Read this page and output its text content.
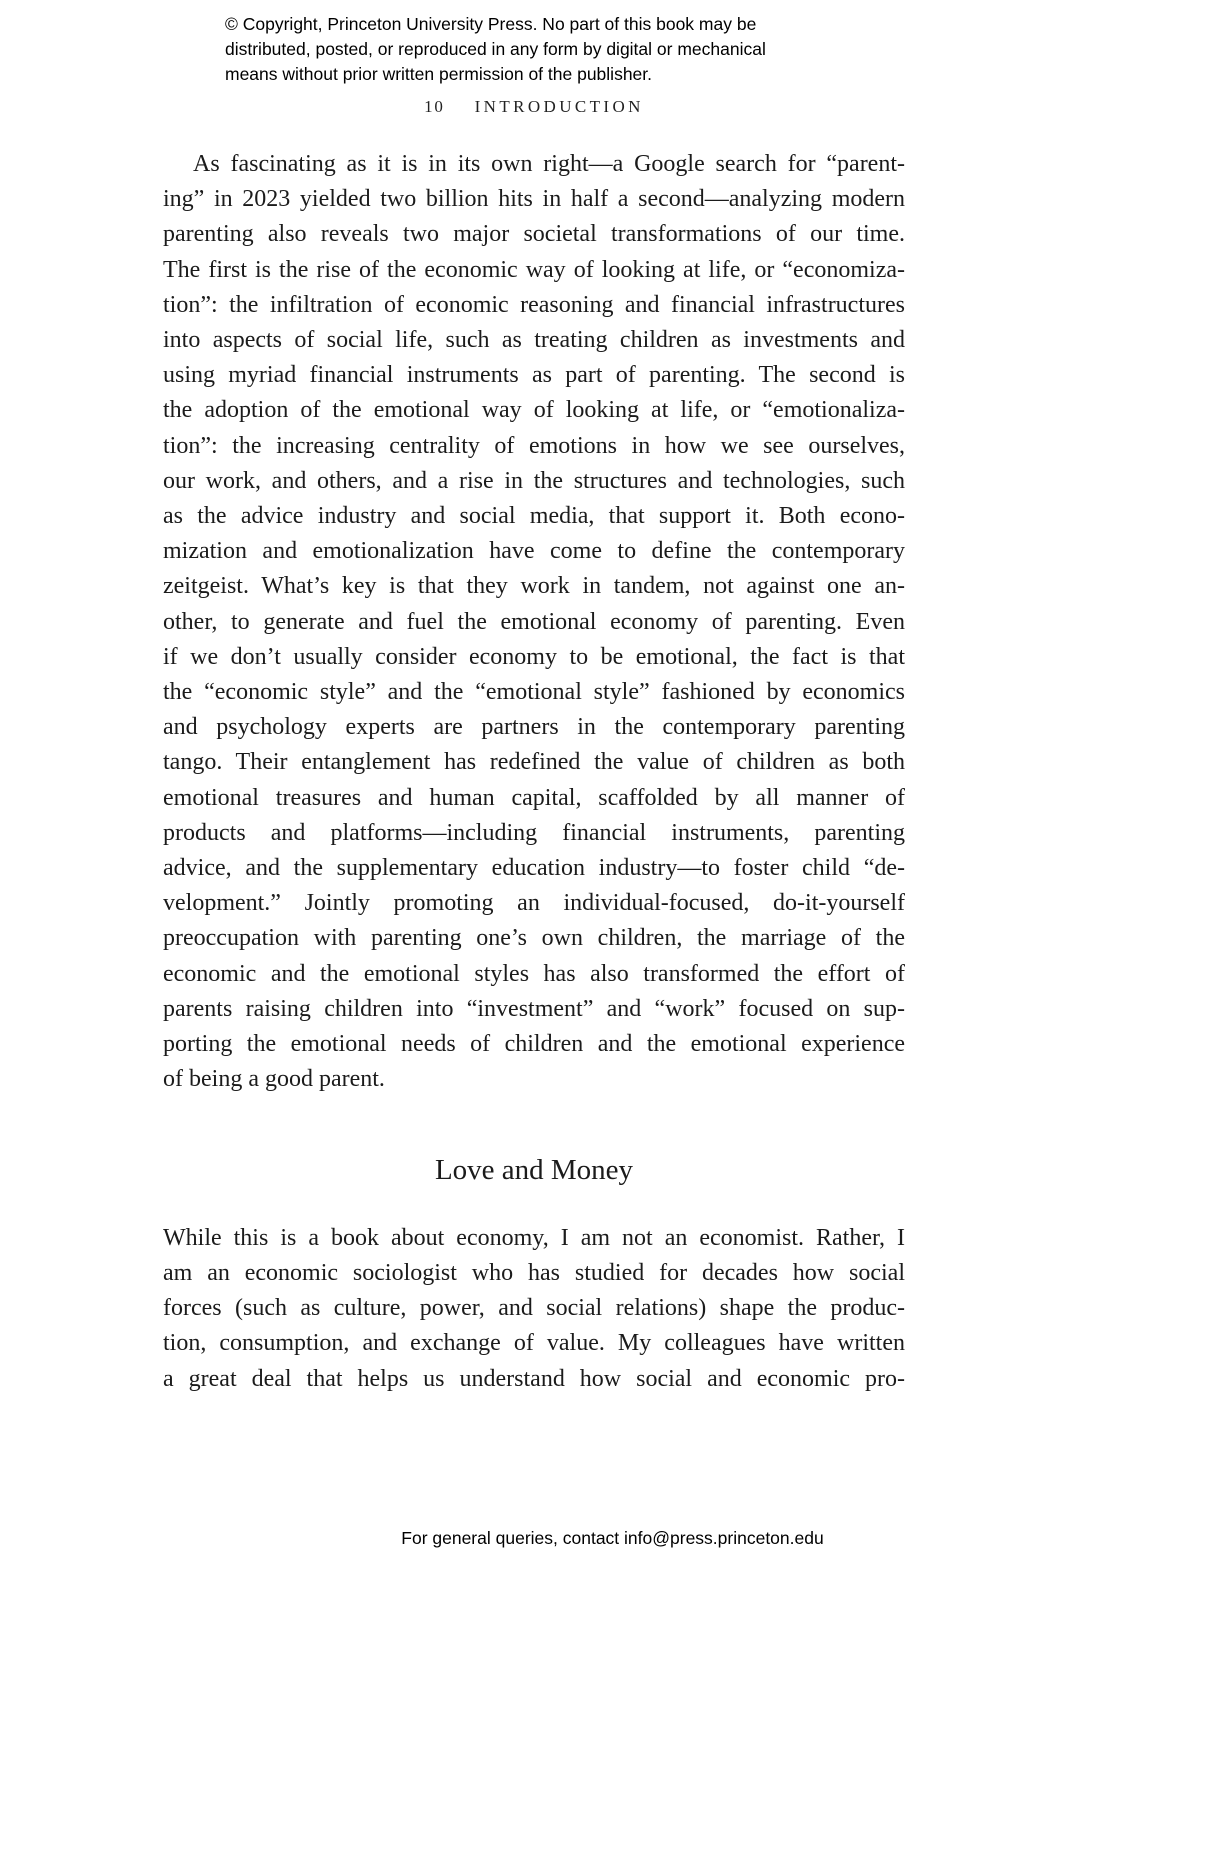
© Copyright, Princeton University Press. No part of this book may be
distributed, posted, or reproduced in any form by digital or mechanical
means without prior written permission of the publisher.
10 INTRODUCTION
As fascinating as it is in its own right—a Google search for “parent-
ing” in 2023 yielded two billion hits in half a second—analyzing modern
parenting also reveals two major societal transformations of our time.
The first is the rise of the economic way of looking at life, or “economiza-
tion”: the infiltration of economic reasoning and financial infrastructures
into aspects of social life, such as treating children as investments and
using myriad financial instruments as part of parenting. The second is
the adoption of the emotional way of looking at life, or “emotionaliza-
tion”: the increasing centrality of emotions in how we see ourselves,
our work, and others, and a rise in the structures and technologies, such
as the advice industry and social media, that support it. Both econo-
mization and emotionalization have come to define the contemporary
zeitgeist. What’s key is that they work in tandem, not against one an-
other, to generate and fuel the emotional economy of parenting. Even
if we don’t usually consider economy to be emotional, the fact is that
the “economic style” and the “emotional style” fashioned by economics
and psychology experts are partners in the contemporary parenting
tango. Their entanglement has redefined the value of children as both
emotional treasures and human capital, scaffolded by all manner of
products and platforms—including financial instruments, parenting
advice, and the supplementary education industry—to foster child “de-
velopment.” Jointly promoting an individual-focused, do-it-yourself
preoccupation with parenting one’s own children, the marriage of the
economic and the emotional styles has also transformed the effort of
parents raising children into “investment” and “work” focused on sup-
porting the emotional needs of children and the emotional experience
of being a good parent.
Love and Money
While this is a book about economy, I am not an economist. Rather, I
am an economic sociologist who has studied for decades how social
forces (such as culture, power, and social relations) shape the produc-
tion, consumption, and exchange of value. My colleagues have written
a great deal that helps us understand how social and economic pro-
For general queries, contact info@press.princeton.edu
